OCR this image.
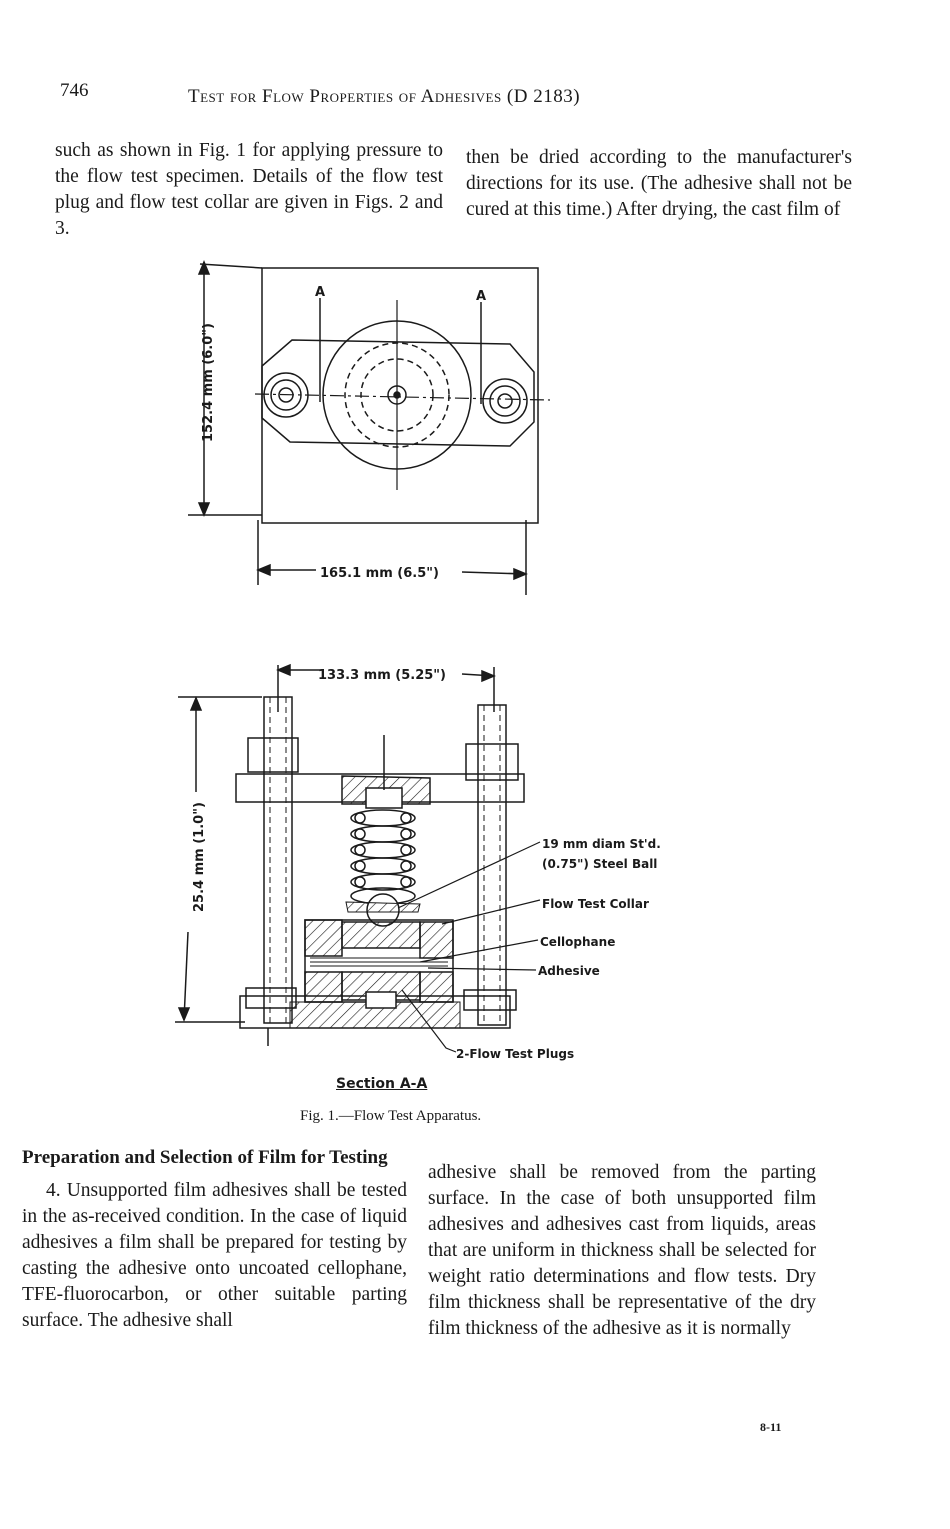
746	Test for Flow Properties of Adhesives (D 2183)

such as shown in Fig. 1 for applying pressure to the flow test specimen. Details of the flow test plug and flow test collar are given in Figs. 2 and 3.

then be dried according to the manufacturer's directions for its use. (The adhesive shall not be cured at this time.) After drying, the cast film of

A	A
152.4 mm (6.0")
165.1 mm (6.5")
133.3 mm (5.25")
25.4 mm (1.0")	19 mm diam St'd.
(0.75") Steel Ball
Flow Test Collar
Cellophane
Adhesive
2-Flow Test Plugs
Section A-A
Fig. 1.—Flow Test Apparatus.

Preparation and Selection of Film for Testing

4. Unsupported film adhesives shall be tested in the as-received condition. In the case of liquid adhesives a film shall be prepared for testing by casting the adhesive onto uncoated cellophane, TFE-fluorocarbon, or other suitable parting surface. The adhesive shall

adhesive shall be removed from the parting surface. In the case of both unsupported film adhesives and adhesives cast from liquids, areas that are uniform in thickness shall be selected for weight ratio determinations and flow tests. Dry film thickness shall be representative of the dry film thickness of the adhesive as it is normally

8-11
